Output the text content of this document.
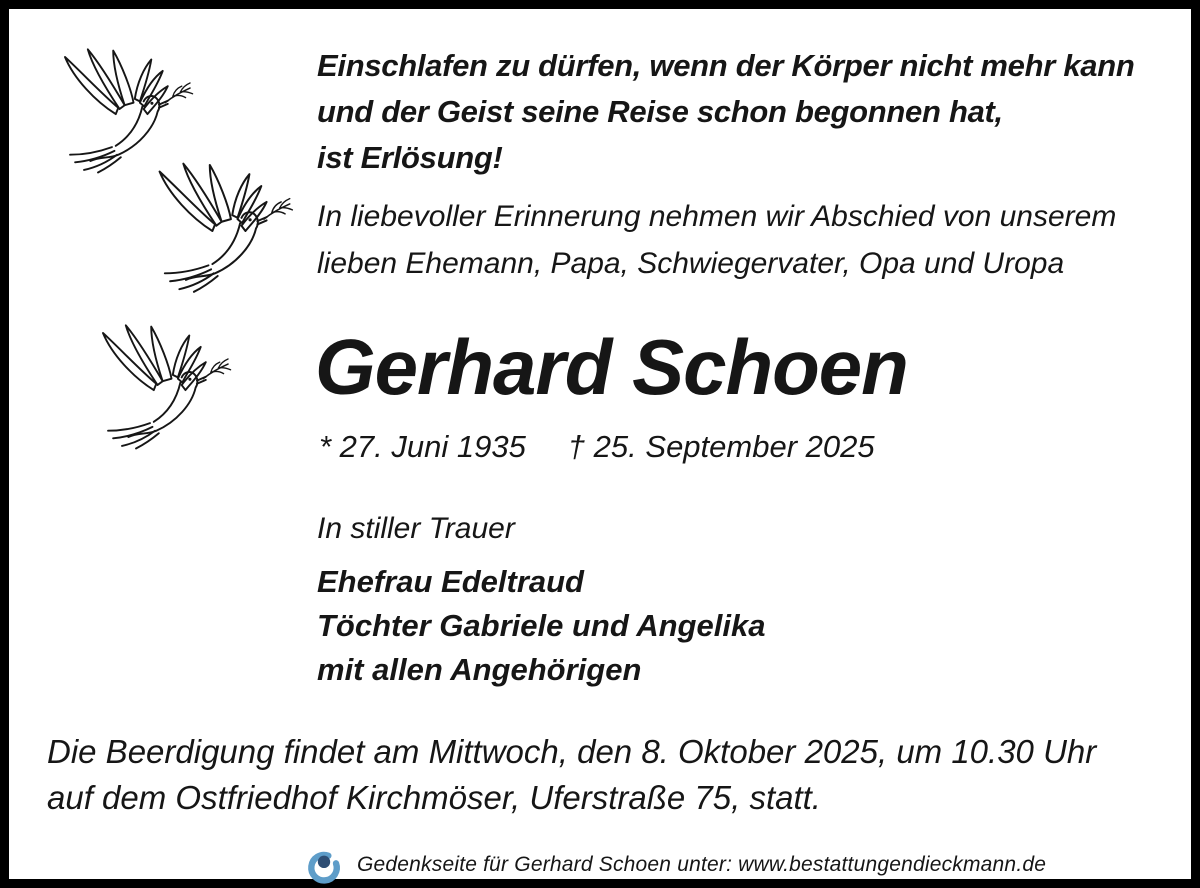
Einschlafen zu dürfen, wenn der Körper nicht mehr kann
und der Geist seine Reise schon begonnen hat,
ist Erlösung!
In liebevoller Erinnerung nehmen wir Abschied von unserem
lieben Ehemann, Papa, Schwiegervater, Opa und Uropa
Gerhard Schoen
* 27. Juni 1935 † 25. September 2025
In stiller Trauer
Ehefrau Edeltraud
Töchter Gabriele und Angelika
mit allen Angehörigen
Die Beerdigung findet am Mittwoch, den 8. Oktober 2025, um 10.30 Uhr
auf dem Ostfriedhof Kirchmöser, Uferstraße 75, statt.
Gedenkseite für Gerhard Schoen unter: www.bestattungendieckmann.de
